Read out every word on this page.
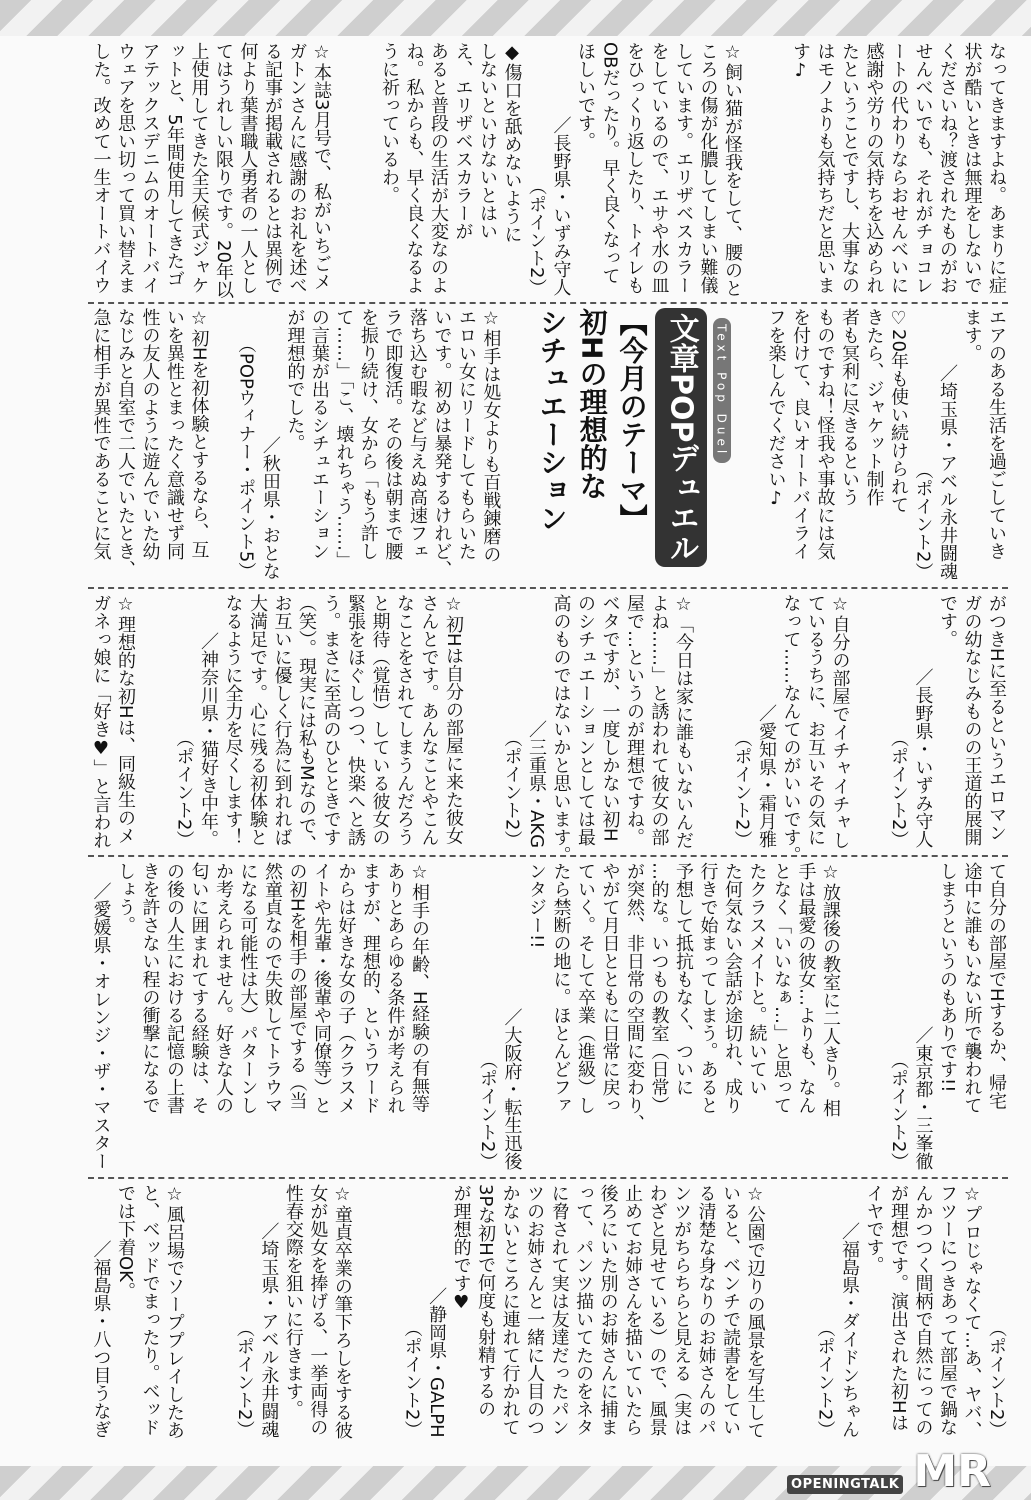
なってきますよね。あまりに症
状が酷いときは無理をしないで
くださいね？渡されたものがお
せんべいでも、それがチョコレ
ートの代わりならおせんべいに
感謝や労りの気持ちを込められ
たということですし、大事なの
はモノよりも気持ちだと思いま
す♪
☆飼い猫が怪我をして、腰のと
ころの傷が化膿してしまい難儀
しています。エリザベスカラー
をしているので、エサや水の皿
をひっくり返したり、トイレも
OBだったり。早く良くなって
ほしいです。
／長野県・いずみ守人
（ポイント2）
◆傷口を舐めないように
しないといけないとはい
え、エリザベスカラーが
あると普段の生活が大変なのよ
ね。私からも、早く良くなるよ
うに祈っているわ。
☆本誌3月号で、私がいちごメ
ガトンさんに感謝のお礼を述べ
る記事が掲載されるとは異例で
何より葉書職人勇者の一人とし
てはうれしい限りです。20年以
上使用してきた全天候式ジャケ
ットと、5年間使用してきたゴ
アテックスデニムのオートバイ
ウェアを思い切って買い替えま
した。改めて一生オートバイウ
エアのある生活を過ごしていき
ます。
／埼玉県・アベル永井闘魂
（ポイント2）
♡20年も使い続けられて
きたら、ジャケット制作
者も冥利に尽きるという
ものですね！怪我や事故には気
を付けて、良いオートバイライ
フを楽しんでください♪
Text Pop Duel
文章POPデュエル
【今月のテーマ】
初Hの理想的な
シチュエーション
☆相手は処女よりも百戦錬磨の
エロい女にリードしてもらいた
いです。初めは暴発するけれど、
落ち込む暇など与えぬ高速フェ
ラで即復活。その後は朝まで腰
を振り続け、女から「もう許し
て……」「こ、壊れちゃう……」
の言葉が出るシチュエーション
が理想的でした。
／秋田県・おとな
（POPウィナー・ポイント5）
☆初Hを初体験とするなら、互
いを異性とまったく意識せず同
性の友人のように遊んでいた幼
なじみと自室で二人でいたとき、
急に相手が異性であることに気
がつきHに至るというエロマン
ガの幼なじみものの王道的展開
です。
／長野県・いずみ守人
（ポイント2）
☆自分の部屋でイチャイチャし
ているうちに、お互いその気に
なって……なんてのがいいです。
／愛知県・霜月雅
（ポイント2）
☆「今日は家に誰もいないんだ
よね……」と誘われて彼女の部
屋で…というのが理想ですね。
ベタですが、一度しかない初H
のシチュエーションとしては最
高のものではないかと思います。
／三重県・AKG
（ポイント2）
☆初Hは自分の部屋に来た彼女
さんとです。あんなことやこん
なことをされてしまうんだろう
と期待（覚悟）している彼女の
緊張をほぐしつつ、快楽へと誘
う。まさに至高のひとときです
（笑）。現実には私もMなので、
お互いに優しく行為に到れれば
大満足です。心に残る初体験と
なるように全力を尽くします！
／神奈川県・猫好き中年。
（ポイント2）
☆理想的な初Hは、同級生のメ
ガネっ娘に「好き♥」と言われ
て自分の部屋でHするか、帰宅
途中に誰もいない所で襲われて
しまうというのもありです!!
／東京都・三峯徹
（ポイント2）
☆放課後の教室に二人きり。相
手は最愛の彼女…よりも、なん
となく「いいなぁ…」と思って
たクラスメイトと。続いてい
た何気ない会話が途切れ、成り
行きで始まってしまう。あると
予想して抵抗もなく、ついに
…的な。いつもの教室（日常）
が突然、非日常の空間に変わり、
やがて月日とともに日常に戻っ
ていく。そして卒業（進級）し
たら禁断の地に。ほとんどファ
ンタジー!!
／大阪府・転生迅後
（ポイント2）
☆相手の年齢、H経験の有無等
ありとあらゆる条件が考えられ
ますが、理想的、というワード
からは好きな女の子（クラスメ
イトや先輩・後輩や同僚等）と
の初Hを相手の部屋でする（当
然童貞なので失敗してトラウマ
になる可能性は大）パターンし
か考えられません。好きな人の
匂いに囲まれてする経験は、そ
の後の人生における記憶の上書
きを許さない程の衝撃になるで
しょう。
／愛媛県・オレンジ・ザ・マスター
（ポイント2）
☆プロじゃなくて…あ、ヤバ、
フツーにつきあって部屋で鍋な
んかつつく間柄で自然にっての
が理想です。演出された初Hは
イヤです。
／福島県・ダイドンちゃん
（ポイント2）
☆公園で辺りの風景を写生して
いると、ベンチで読書をしてい
る清楚な身なりのお姉さんのパ
ンツがちらちらと見える（実は
わざと見せている）ので、風景
止めてお姉さんを描いていたら
後ろにいた別のお姉さんに捕ま
って、パンツ描いてたのをネタ
に脅されて実は友達だったパン
ツのお姉さんと一緒に人目のつ
かないところに連れて行かれて
3Pな初Hで何度も射精するの
が理想的です♥
／静岡県・GALPH
（ポイント2）
☆童貞卒業の筆下ろしをする彼
女が処女を捧げる、一挙両得の
性春交際を狙いに行きます。
／埼玉県・アベル永井闘魂
（ポイント2）
☆風呂場でソーププレイしたあ
と、ベッドでまったり。ベッド
では下着OK。
／福島県・八つ目うなぎ
OPENINGTALK MR
